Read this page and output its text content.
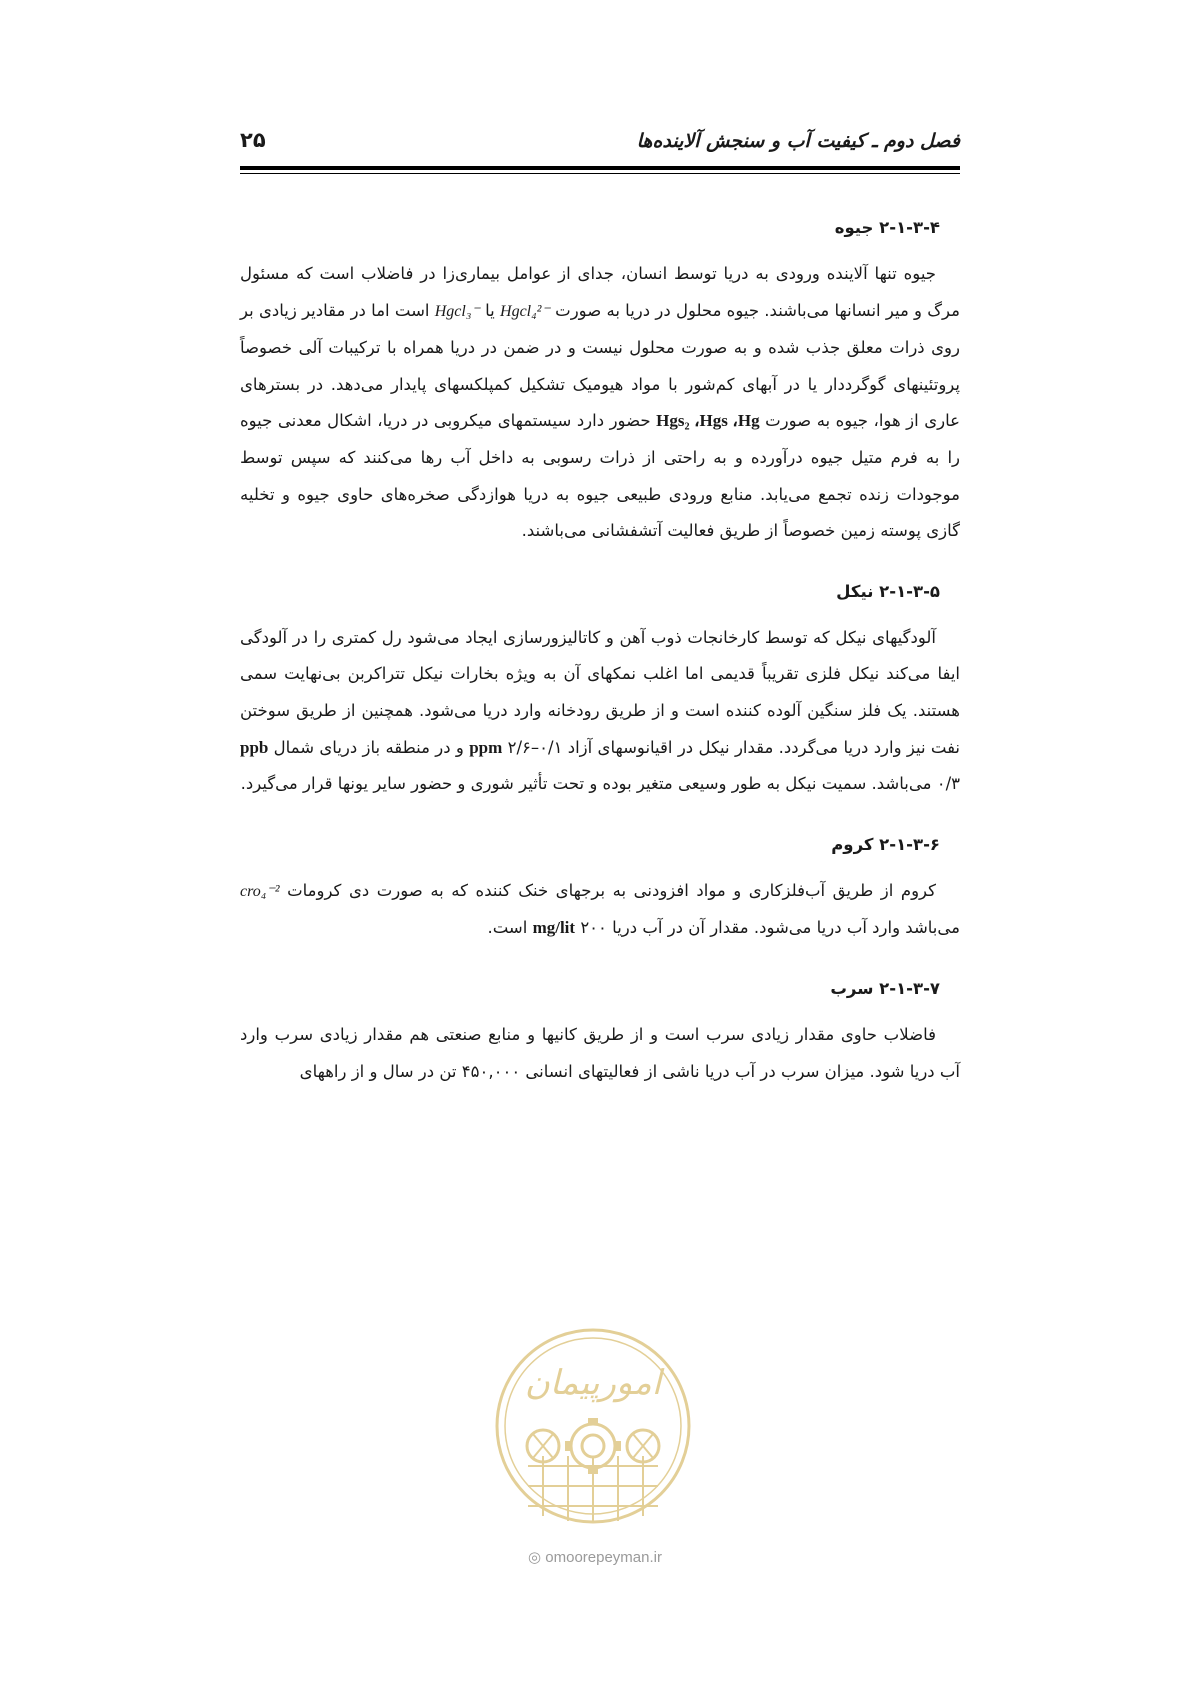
فصل دوم ـ کیفیت آب و سنجش آلاینده‌ها
۲۵
۲-۱-۳-۴ جیوه

جیوه تنها آلاینده ورودی به دریا توسط انسان، جدای از عوامل بیماری‌زا در فاضلاب است که مسئول مرگ و میر انسانها می‌باشند. جیوه محلول در دریا به صورت Hgcl₄²⁻ یا Hgcl₃⁻ است اما در مقادیر زیادی بر روی ذرات معلق جذب شده و به صورت محلول نیست و در ضمن در دریا همراه با ترکیبات آلی خصوصاً پروتئینهای گوگرددار یا در آبهای کم‌شور با مواد هیومیک تشکیل کمپلکسهای پایدار می‌دهد. در بسترهای عاری از هوا، جیوه به صورت Hgs₂ ،Hgs ،Hg حضور دارد سیستمهای میکروبی در دریا، اشکال معدنی جیوه را به فرم متیل جیوه درآورده و به راحتی از ذرات رسوبی به داخل آب رها می‌کنند که سپس توسط موجودات زنده تجمع می‌یابد. منابع ورودی طبیعی جیوه به دریا هوازدگی صخره‌های حاوی جیوه و تخلیه گازی پوسته زمین خصوصاً از طریق فعالیت آتشفشانی می‌باشند.

۲-۱-۳-۵ نیکل

آلودگیهای نیکل که توسط کارخانجات ذوب آهن و کاتالیزورسازی ایجاد می‌شود رل کمتری را در آلودگی ایفا می‌کند نیکل فلزی تقریباً قدیمی اما اغلب نمکهای آن به ویژه بخارات نیکل تتراکربن بی‌نهایت سمی هستند. یک فلز سنگین آلوده کننده است و از طریق رودخانه وارد دریا می‌شود. همچنین از طریق سوختن نفت نیز وارد دریا می‌گردد. مقدار نیکل در اقیانوسهای آزاد ppm ۲/۶–۰/۱ و در منطقه باز دریای شمال ppb ۰/۳ می‌باشد. سمیت نیکل به طور وسیعی متغیر بوده و تحت تأثیر شوری و حضور سایر یونها قرار می‌گیرد.

۲-۱-۳-۶ کروم

کروم از طریق آب‌فلزکاری و مواد افزودنی به برجهای خنک کننده که به صورت دی کرومات cro₄⁻² می‌باشد وارد آب دریا می‌شود. مقدار آن در آب دریا mg/lit ۲۰۰ است.

۲-۱-۳-۷ سرب

فاضلاب حاوی مقدار زیادی سرب است و از طریق کانیها و منابع صنعتی هم مقدار زیادی سرب وارد آب دریا شود. میزان سرب در آب دریا ناشی از فعالیتهای انسانی ۴۵۰,۰۰۰ تن در سال و از راههای

امورپیمان
◎ omoorepeyman.ir
